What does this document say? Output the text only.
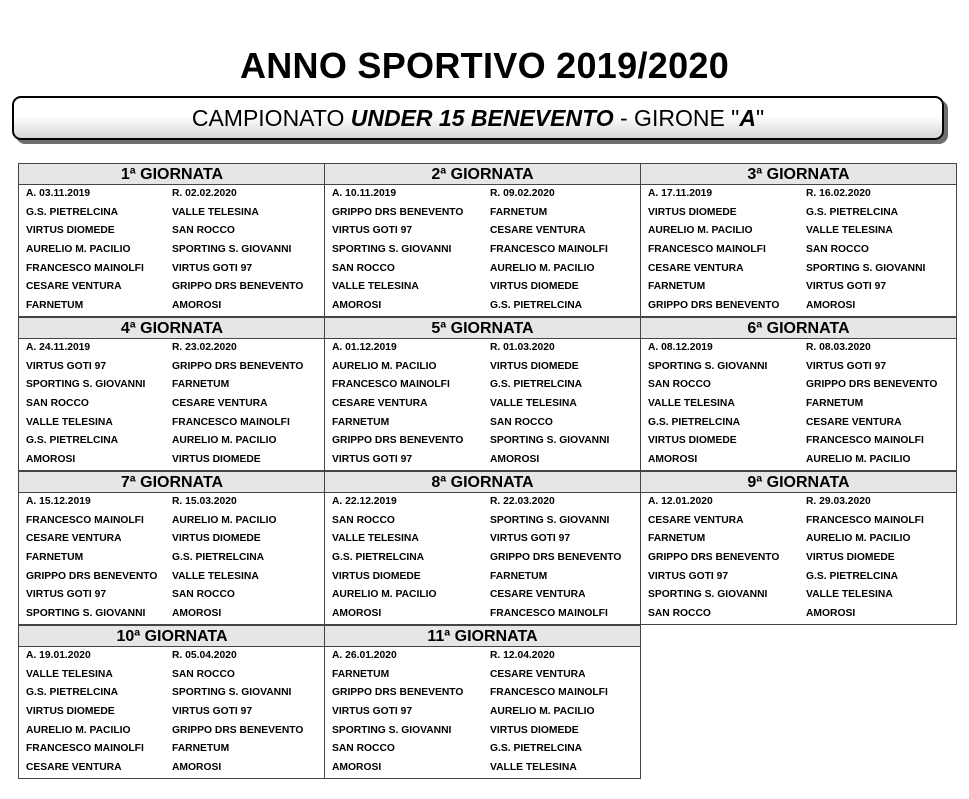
ANNO SPORTIVO 2019/2020
CAMPIONATO UNDER 15 BENEVENTO - GIRONE "A"
1ª GIORNATA
A. 03.11.2019	R. 02.02.2020
G.S. PIETRELCINA	VALLE TELESINA
VIRTUS DIOMEDE	SAN ROCCO
AURELIO M. PACILIO	SPORTING S. GIOVANNI
FRANCESCO MAINOLFI	VIRTUS GOTI 97
CESARE VENTURA	GRIPPO DRS BENEVENTO
FARNETUM	AMOROSI
2ª GIORNATA
A. 10.11.2019	R. 09.02.2020
GRIPPO DRS BENEVENTO	FARNETUM
VIRTUS GOTI 97	CESARE VENTURA
SPORTING S. GIOVANNI	FRANCESCO MAINOLFI
SAN ROCCO	AURELIO M. PACILIO
VALLE TELESINA	VIRTUS DIOMEDE
AMOROSI	G.S. PIETRELCINA
3ª GIORNATA
A. 17.11.2019	R. 16.02.2020
VIRTUS DIOMEDE	G.S. PIETRELCINA
AURELIO M. PACILIO	VALLE TELESINA
FRANCESCO MAINOLFI	SAN ROCCO
CESARE VENTURA	SPORTING S. GIOVANNI
FARNETUM	VIRTUS GOTI 97
GRIPPO DRS BENEVENTO	AMOROSI
4ª GIORNATA
A. 24.11.2019	R. 23.02.2020
VIRTUS GOTI 97	GRIPPO DRS BENEVENTO
SPORTING S. GIOVANNI	FARNETUM
SAN ROCCO	CESARE VENTURA
VALLE TELESINA	FRANCESCO MAINOLFI
G.S. PIETRELCINA	AURELIO M. PACILIO
AMOROSI	VIRTUS DIOMEDE
5ª GIORNATA
A. 01.12.2019	R. 01.03.2020
AURELIO M. PACILIO	VIRTUS DIOMEDE
FRANCESCO MAINOLFI	G.S. PIETRELCINA
CESARE VENTURA	VALLE TELESINA
FARNETUM	SAN ROCCO
GRIPPO DRS BENEVENTO	SPORTING S. GIOVANNI
VIRTUS GOTI 97	AMOROSI
6ª GIORNATA
A. 08.12.2019	R. 08.03.2020
SPORTING S. GIOVANNI	VIRTUS GOTI 97
SAN ROCCO	GRIPPO DRS BENEVENTO
VALLE TELESINA	FARNETUM
G.S. PIETRELCINA	CESARE VENTURA
VIRTUS DIOMEDE	FRANCESCO MAINOLFI
AMOROSI	AURELIO M. PACILIO
7ª GIORNATA
A. 15.12.2019	R. 15.03.2020
FRANCESCO MAINOLFI	AURELIO M. PACILIO
CESARE VENTURA	VIRTUS DIOMEDE
FARNETUM	G.S. PIETRELCINA
GRIPPO DRS BENEVENTO	VALLE TELESINA
VIRTUS GOTI 97	SAN ROCCO
SPORTING S. GIOVANNI	AMOROSI
8ª GIORNATA
A. 22.12.2019	R. 22.03.2020
SAN ROCCO	SPORTING S. GIOVANNI
VALLE TELESINA	VIRTUS GOTI 97
G.S. PIETRELCINA	GRIPPO DRS BENEVENTO
VIRTUS DIOMEDE	FARNETUM
AURELIO M. PACILIO	CESARE VENTURA
AMOROSI	FRANCESCO MAINOLFI
9ª GIORNATA
A. 12.01.2020	R. 29.03.2020
CESARE VENTURA	FRANCESCO MAINOLFI
FARNETUM	AURELIO M. PACILIO
GRIPPO DRS BENEVENTO	VIRTUS DIOMEDE
VIRTUS GOTI 97	G.S. PIETRELCINA
SPORTING S. GIOVANNI	VALLE TELESINA
SAN ROCCO	AMOROSI
10ª GIORNATA
A. 19.01.2020	R. 05.04.2020
VALLE TELESINA	SAN ROCCO
G.S. PIETRELCINA	SPORTING S. GIOVANNI
VIRTUS DIOMEDE	VIRTUS GOTI 97
AURELIO M. PACILIO	GRIPPO DRS BENEVENTO
FRANCESCO MAINOLFI	FARNETUM
CESARE VENTURA	AMOROSI
11ª GIORNATA
A. 26.01.2020	R. 12.04.2020
FARNETUM	CESARE VENTURA
GRIPPO DRS BENEVENTO	FRANCESCO MAINOLFI
VIRTUS GOTI 97	AURELIO M. PACILIO
SPORTING S. GIOVANNI	VIRTUS DIOMEDE
SAN ROCCO	G.S. PIETRELCINA
AMOROSI	VALLE TELESINA
